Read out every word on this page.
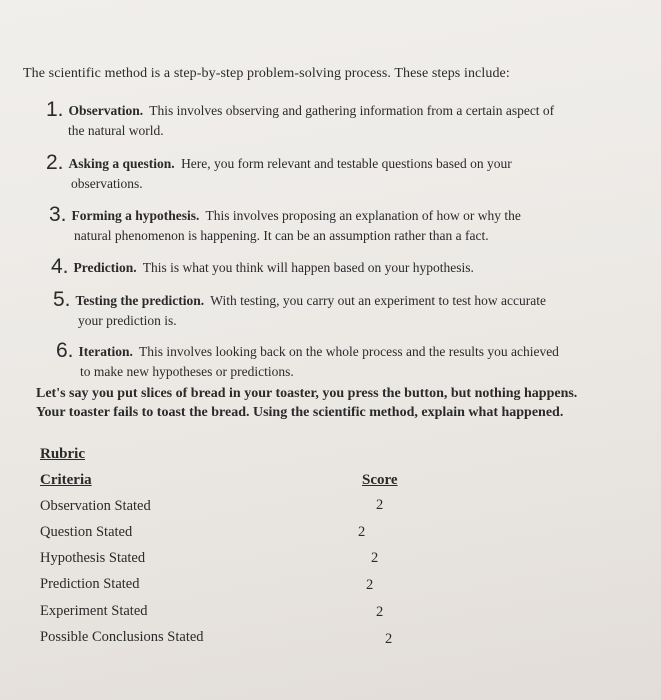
The scientific method is a step-by-step problem-solving process. These steps include:
1. Observation. This involves observing and gathering information from a certain aspect of
the natural world.
2. Asking a question. Here, you form relevant and testable questions based on your
observations.
3. Forming a hypothesis. This involves proposing an explanation of how or why the
natural phenomenon is happening. It can be an assumption rather than a fact.
4. Prediction. This is what you think will happen based on your hypothesis.
5. Testing the prediction. With testing, you carry out an experiment to test how accurate
your prediction is.
6. Iteration. This involves looking back on the whole process and the results you achieved
to make new hypotheses or predictions.
Let's say you put slices of bread in your toaster, you press the button, but nothing happens.
Your toaster fails to toast the bread. Using the scientific method, explain what happened.
Rubric
Criteria	Score
Observation Stated	2
Question Stated	2
Hypothesis Stated	2
Prediction Stated	2
Experiment Stated	2
Possible Conclusions Stated	2
